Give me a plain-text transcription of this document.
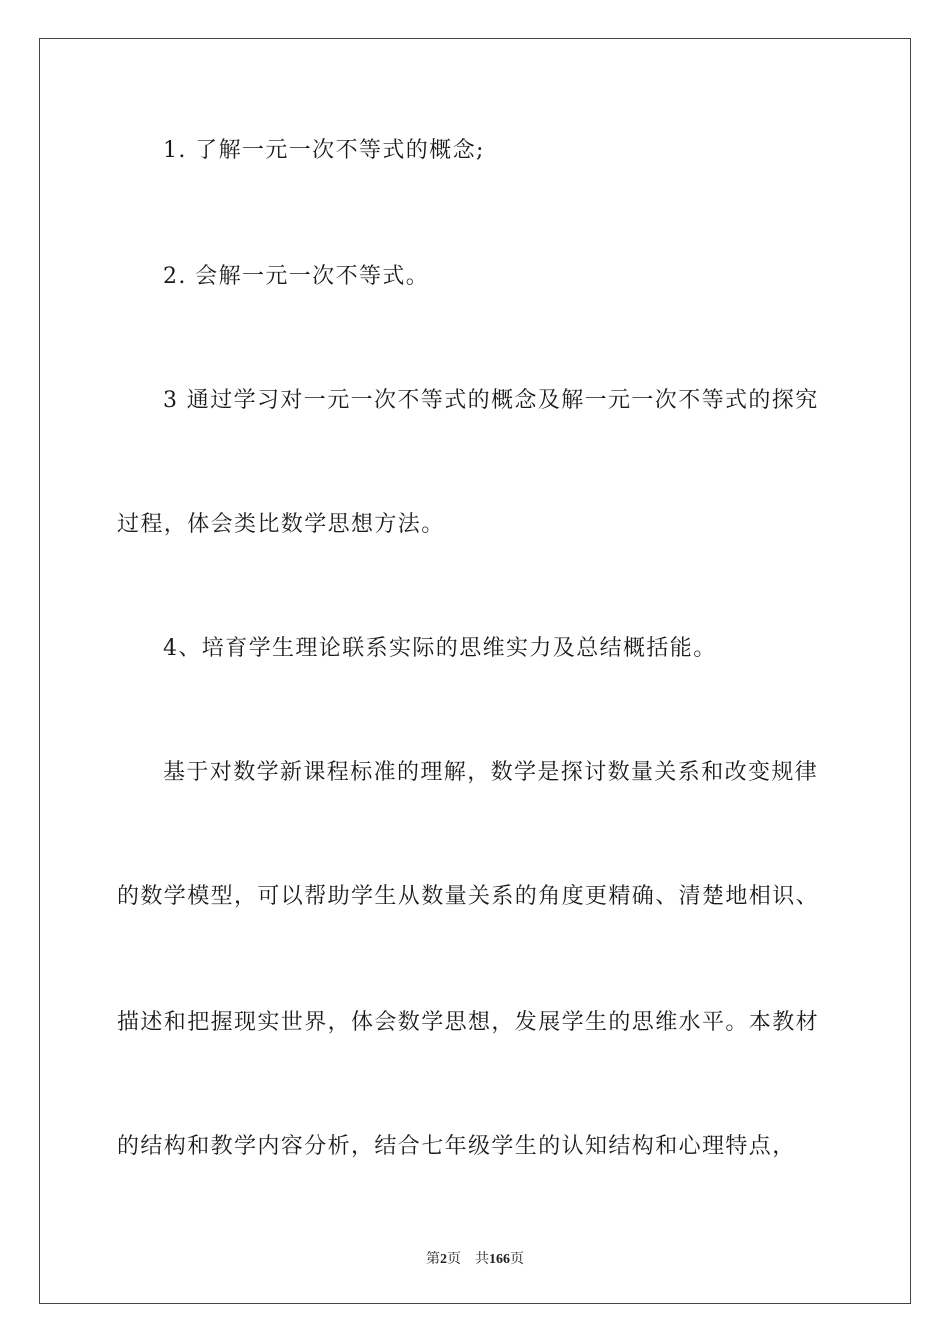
1. 了解一元一次不等式的概念;
2. 会解一元一次不等式。
3 通过学习对一元一次不等式的概念及解一元一次不等式的探究
过程，体会类比数学思想方法。
4、培育学生理论联系实际的思维实力及总结概括能。
基于对数学新课程标准的理解，数学是探讨数量关系和改变规律
的数学模型，可以帮助学生从数量关系的角度更精确、清楚地相识、
描述和把握现实世界，体会数学思想，发展学生的思维水平。本教材
的结构和教学内容分析，结合七年级学生的认知结构和心理特点，
第2页 共166页
